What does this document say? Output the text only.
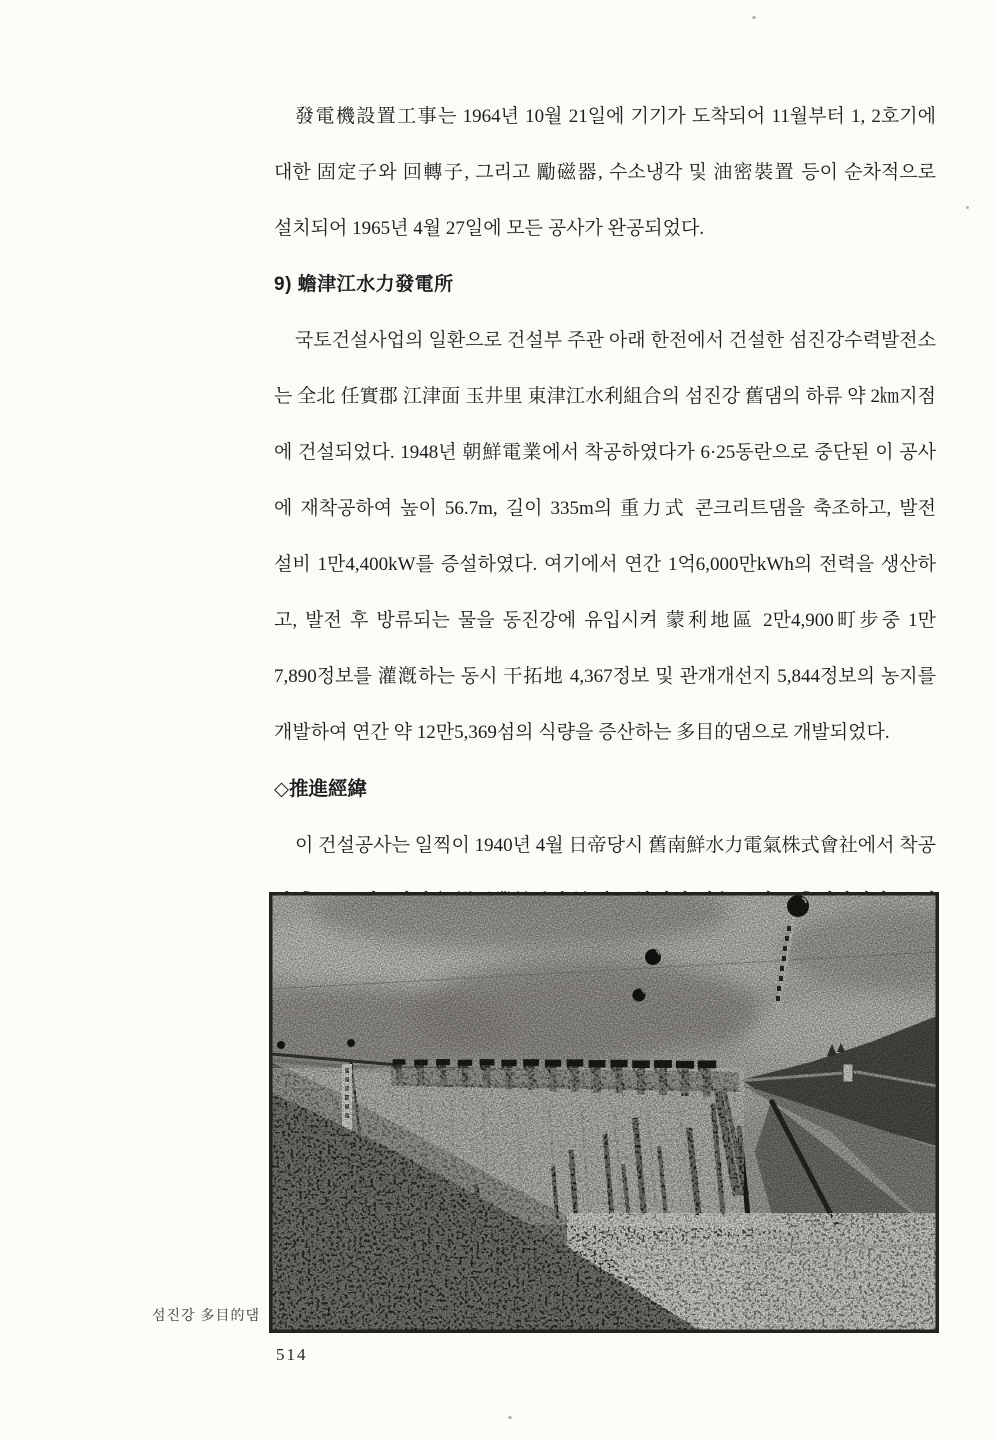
發電機設置工事는 1964년 10월 21일에 기기가 도착되어 11월부터 1, 2호기에

대한 固定子와 回轉子, 그리고 勵磁器, 수소냉각 및 油密裝置 등이 순차적으로

설치되어 1965년 4월 27일에 모든 공사가 완공되었다.

9) 蟾津江水力發電所

국토건설사업의 일환으로 건설부 주관 아래 한전에서 건설한 섬진강수력발전소

는 全北 任實郡 江津面 玉井里 東津江水利組合의 섬진강 舊댐의 하류 약 2㎞지점

에 건설되었다. 1948년 朝鮮電業에서 착공하였다가 6·25동란으로 중단된 이 공사

에 재착공하여 높이 56.7m, 길이 335m의 重力式 콘크리트댐을 축조하고, 발전

설비 1만4,400kW를 증설하였다. 여기에서 연간 1억6,000만kWh의 전력을 생산하

고, 발전 후 방류되는 물을 동진강에 유입시켜 蒙利地區 2만4,900町步중 1만

7,890정보를 灌漑하는 동시 干拓地 4,367정보 및 관개개선지 5,844정보의 농지를

개발하여 연간 약 12만5,369섬의 식량을 증산하는 多目的댐으로 개발되었다.

◇推進經緯

이 건설공사는 일찍이 1940년 4월 日帝당시 舊南鮮水力電氣株式會社에서 착공

섬진강 多目的댐
514
